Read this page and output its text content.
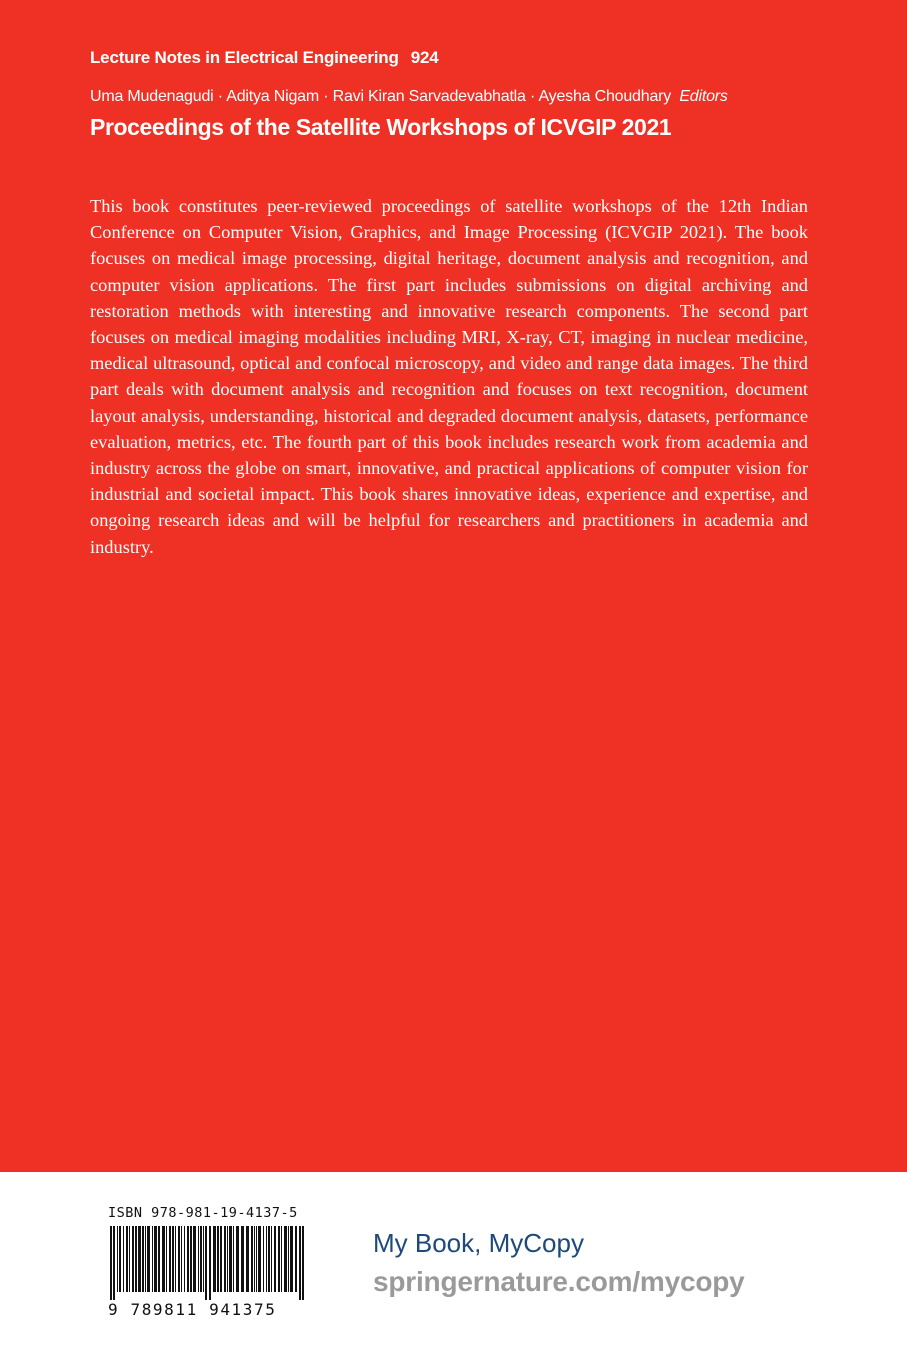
Lecture Notes in Electrical Engineering 924
Uma Mudenagudi · Aditya Nigam · Ravi Kiran Sarvadevabhatla · Ayesha Choudhary Editors
Proceedings of the Satellite Workshops of ICVGIP 2021

This book constitutes peer-reviewed proceedings of satellite workshops of the 12th Indian Conference on Computer Vision, Graphics, and Image Processing (ICVGIP 2021). The book focuses on medical image processing, digital heritage, document analysis and recognition, and computer vision applications. The first part includes submissions on digital archiving and restoration methods with interesting and innovative research components. The second part focuses on medical imaging modalities including MRI, X-ray, CT, imaging in nuclear medicine, medical ultrasound, optical and confocal microscopy, and video and range data images. The third part deals with document analysis and recognition and focuses on text recognition, document layout analysis, understanding, historical and degraded document analysis, datasets, performance evaluation, metrics, etc. The fourth part of this book includes research work from academia and industry across the globe on smart, innovative, and practical applications of computer vision for industrial and societal impact. This book shares innovative ideas, experience and expertise, and ongoing research ideas and will be helpful for researchers and practitioners in academia and industry.

ISBN 978-981-19-4137-5
9 789811 941375
My Book, MyCopy
springernature.com/mycopy
